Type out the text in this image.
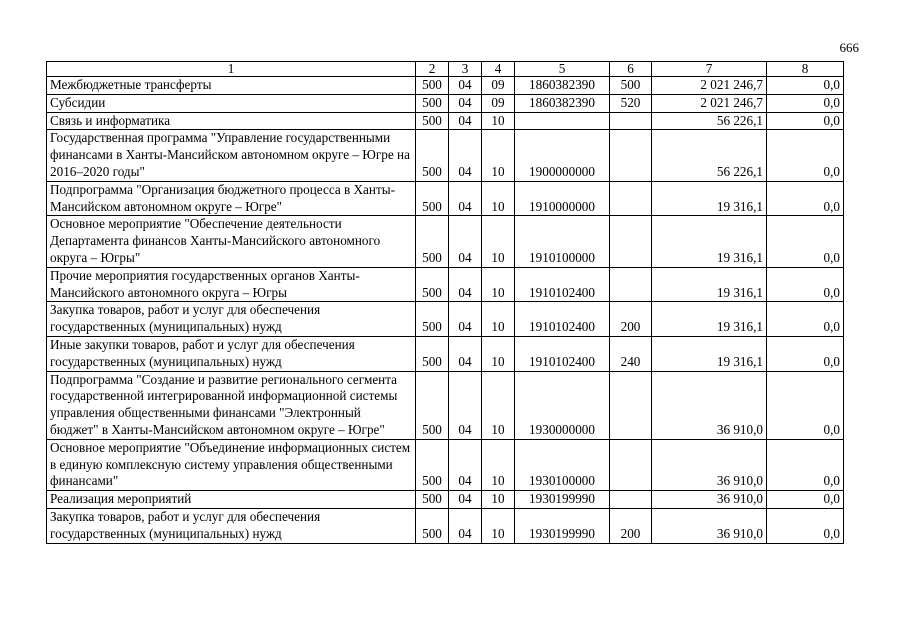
666
1	2	3	4	5	6	7	8
Межбюджетные трансферты	500	04	09	1860382390	500	2 021 246,7	0,0
Субсидии	500	04	09	1860382390	520	2 021 246,7	0,0
Связь и информатика	500	04	10			56 226,1	0,0
Государственная программа "Управление государственными финансами в Ханты-Мансийском автономном округе – Югре на 2016–2020 годы"	500	04	10	1900000000		56 226,1	0,0
Подпрограмма "Организация бюджетного процесса в Ханты-Мансийском автономном округе – Югре"	500	04	10	1910000000		19 316,1	0,0
Основное мероприятие "Обеспечение деятельности Департамента финансов Ханты-Мансийского автономного округа – Югры"	500	04	10	1910100000		19 316,1	0,0
Прочие мероприятия государственных органов Ханты-Мансийского автономного округа – Югры	500	04	10	1910102400		19 316,1	0,0
Закупка товаров, работ и услуг для обеспечения государственных (муниципальных) нужд	500	04	10	1910102400	200	19 316,1	0,0
Иные закупки товаров, работ и услуг для обеспечения государственных (муниципальных) нужд	500	04	10	1910102400	240	19 316,1	0,0
Подпрограмма "Создание и развитие регионального сегмента государственной интегрированной информационной системы управления общественными финансами "Электронный бюджет" в Ханты-Мансийском автономном округе – Югре"	500	04	10	1930000000		36 910,0	0,0
Основное мероприятие "Объединение информационных систем в единую комплексную систему управления общественными финансами"	500	04	10	1930100000		36 910,0	0,0
Реализация мероприятий	500	04	10	1930199990		36 910,0	0,0
Закупка товаров, работ и услуг для обеспечения государственных (муниципальных) нужд	500	04	10	1930199990	200	36 910,0	0,0
